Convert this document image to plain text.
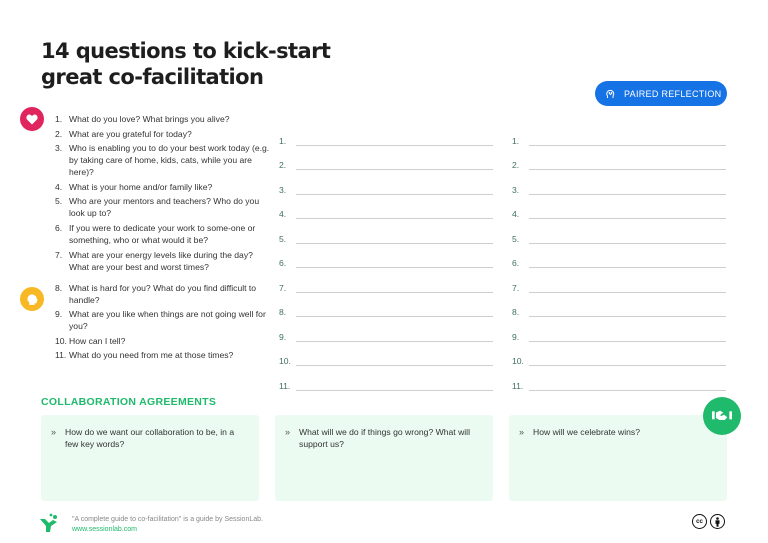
14 questions to kick-start
great co-facilitation
PAIRED REFLECTION
1. What do you love? What brings you alive?
2. What are you grateful for today?
3. Who is enabling you to do your best work today (e.g. by taking care of home, kids, cats, while you are here)?
4. What is your home and/or family like?
5. Who are your mentors and teachers? Who do you look up to?
6. If you were to dedicate your work to some-one or something, who or what would it be?
7. What are your energy levels like during the day? What are your best and worst times?
8. What is hard for you? What do you find difficult to handle?
9. What are you like when things are not going well for you?
10. How can I tell?
11. What do you need from me at those times?
1.
2.
3.
4.
5.
6.
7.
8.
9.
10.
11.
1.
2.
3.
4.
5.
6.
7.
8.
9.
10.
11.
COLLABORATION AGREEMENTS
» How do we want our collaboration to be, in a few key words?
» What will we do if things go wrong? What will support us?
» How will we celebrate wins?
"A complete guide to co-facilitation" is a guide by SessionLab.
www.sessionlab.com
cc
